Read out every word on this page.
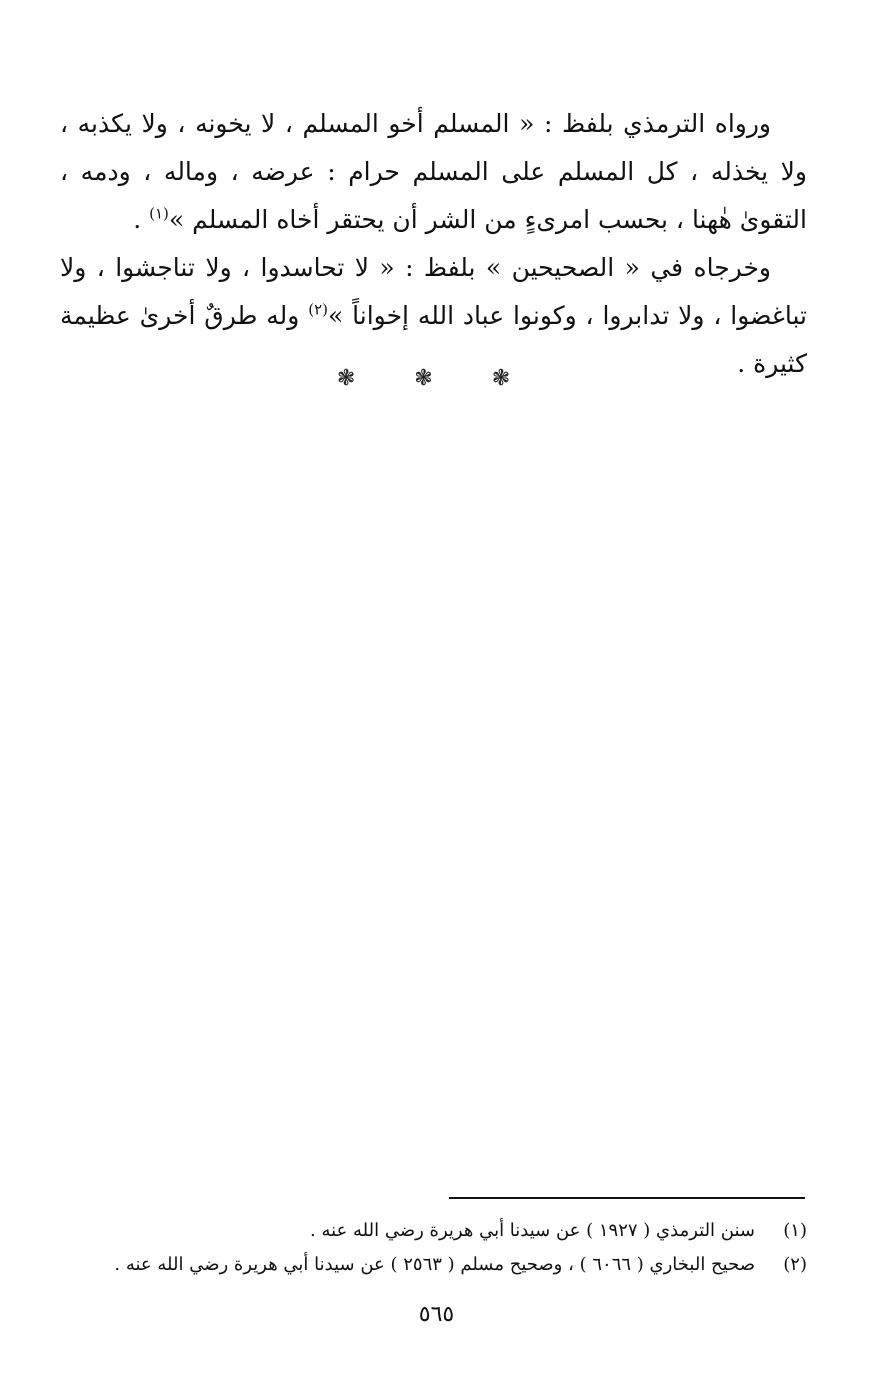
ورواه الترمذي بلفظ : « المسلم أخو المسلم ، لا يخونه ، ولا يكذبه ، ولا يخذله ، كل المسلم على المسلم حرام : عرضه ، وماله ، ودمه ، التقوىٰ هٰهنا ، بحسب امرىءٍ من الشر أن يحتقر أخاه المسلم »$^{(١)}$ .

وخرجاه في « الصحيحين » بلفظ : « لا تحاسدوا ، ولا تناجشوا ، ولا تباغضوا ، ولا تدابروا ، وكونوا عباد الله إخواناً »$^{(٢)}$ وله طرقٌ أخرىٰ عظيمة كثيرة .

❃ ❃ ❃
(١)
سنن الترمذي ( ١٩٢٧ ) عن سيدنا أبي هريرة رضي الله عنه .
(٢)
صحيح البخاري ( ٦٠٦٦ ) ، وصحيح مسلم ( ٢٥٦٣ ) عن سيدنا أبي هريرة رضي الله عنه .
٥٦٥
